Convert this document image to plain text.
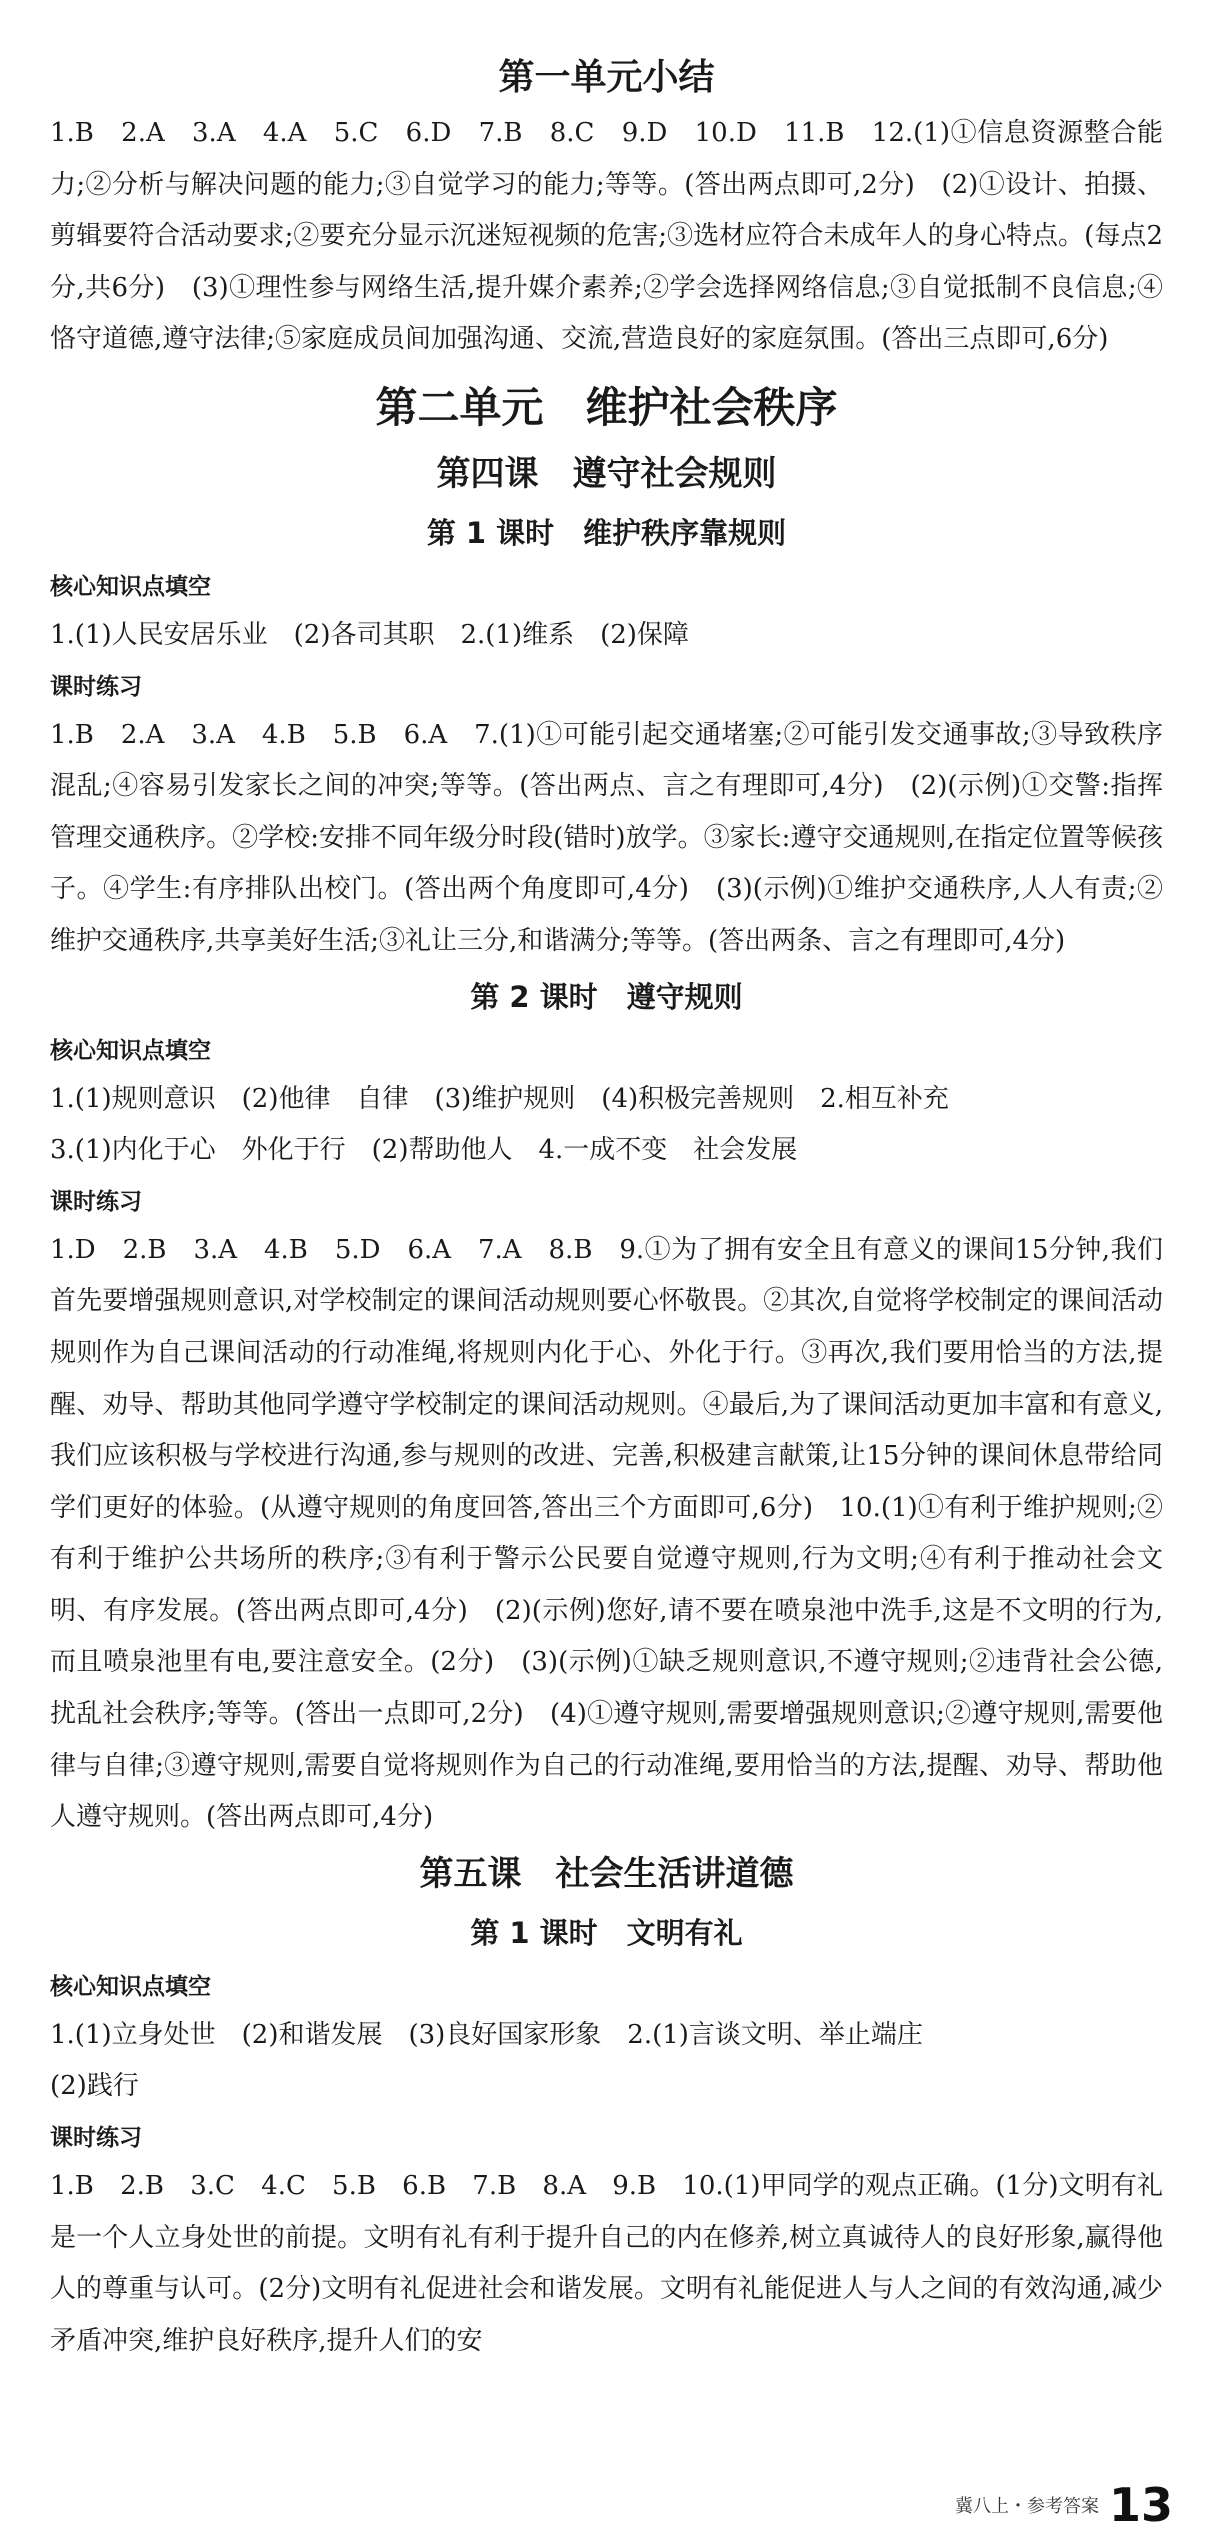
第一单元小结

1.B　2.A　3.A　4.A　5.C　6.D　7.B　8.C　9.D　10.D　11.B　12.(1)①信息资源整合能力;②分析与解决问题的能力;③自觉学习的能力;等等。(答出两点即可,2分)　(2)①设计、拍摄、剪辑要符合活动要求;②要充分显示沉迷短视频的危害;③选材应符合未成年人的身心特点。(每点2分,共6分)　(3)①理性参与网络生活,提升媒介素养;②学会选择网络信息;③自觉抵制不良信息;④恪守道德,遵守法律;⑤家庭成员间加强沟通、交流,营造良好的家庭氛围。(答出三点即可,6分)

第二单元　维护社会秩序
第四课　遵守社会规则
第 1 课时　维护秩序靠规则
核心知识点填空

1.(1)人民安居乐业　(2)各司其职　2.(1)维系　(2)保障

课时练习

1.B　2.A　3.A　4.B　5.B　6.A　7.(1)①可能引起交通堵塞;②可能引发交通事故;③导致秩序混乱;④容易引发家长之间的冲突;等等。(答出两点、言之有理即可,4分)　(2)(示例)①交警:指挥管理交通秩序。②学校:安排不同年级分时段(错时)放学。③家长:遵守交通规则,在指定位置等候孩子。④学生:有序排队出校门。(答出两个角度即可,4分)　(3)(示例)①维护交通秩序,人人有责;②维护交通秩序,共享美好生活;③礼让三分,和谐满分;等等。(答出两条、言之有理即可,4分)

第 2 课时　遵守规则
核心知识点填空

1.(1)规则意识　(2)他律　自律　(3)维护规则　(4)积极完善规则　2.相互补充

3.(1)内化于心　外化于行　(2)帮助他人　4.一成不变　社会发展

课时练习

1.D　2.B　3.A　4.B　5.D　6.A　7.A　8.B　9.①为了拥有安全且有意义的课间15分钟,我们首先要增强规则意识,对学校制定的课间活动规则要心怀敬畏。②其次,自觉将学校制定的课间活动规则作为自己课间活动的行动准绳,将规则内化于心、外化于行。③再次,我们要用恰当的方法,提醒、劝导、帮助其他同学遵守学校制定的课间活动规则。④最后,为了课间活动更加丰富和有意义,我们应该积极与学校进行沟通,参与规则的改进、完善,积极建言献策,让15分钟的课间休息带给同学们更好的体验。(从遵守规则的角度回答,答出三个方面即可,6分)　10.(1)①有利于维护规则;②有利于维护公共场所的秩序;③有利于警示公民要自觉遵守规则,行为文明;④有利于推动社会文明、有序发展。(答出两点即可,4分)　(2)(示例)您好,请不要在喷泉池中洗手,这是不文明的行为,而且喷泉池里有电,要注意安全。(2分)　(3)(示例)①缺乏规则意识,不遵守规则;②违背社会公德,扰乱社会秩序;等等。(答出一点即可,2分)　(4)①遵守规则,需要增强规则意识;②遵守规则,需要他律与自律;③遵守规则,需要自觉将规则作为自己的行动准绳,要用恰当的方法,提醒、劝导、帮助他人遵守规则。(答出两点即可,4分)

第五课　社会生活讲道德
第 1 课时　文明有礼
核心知识点填空

1.(1)立身处世　(2)和谐发展　(3)良好国家形象　2.(1)言谈文明、举止端庄

(2)践行

课时练习

1.B　2.B　3.C　4.C　5.B　6.B　7.B　8.A　9.B　10.(1)甲同学的观点正确。(1分)文明有礼是一个人立身处世的前提。文明有礼有利于提升自己的内在修养,树立真诚待人的良好形象,赢得他人的尊重与认可。(2分)文明有礼促进社会和谐发展。文明有礼能促进人与人之间的有效沟通,减少矛盾冲突,维护良好秩序,提升人们的安

冀八上・参考答案 13
